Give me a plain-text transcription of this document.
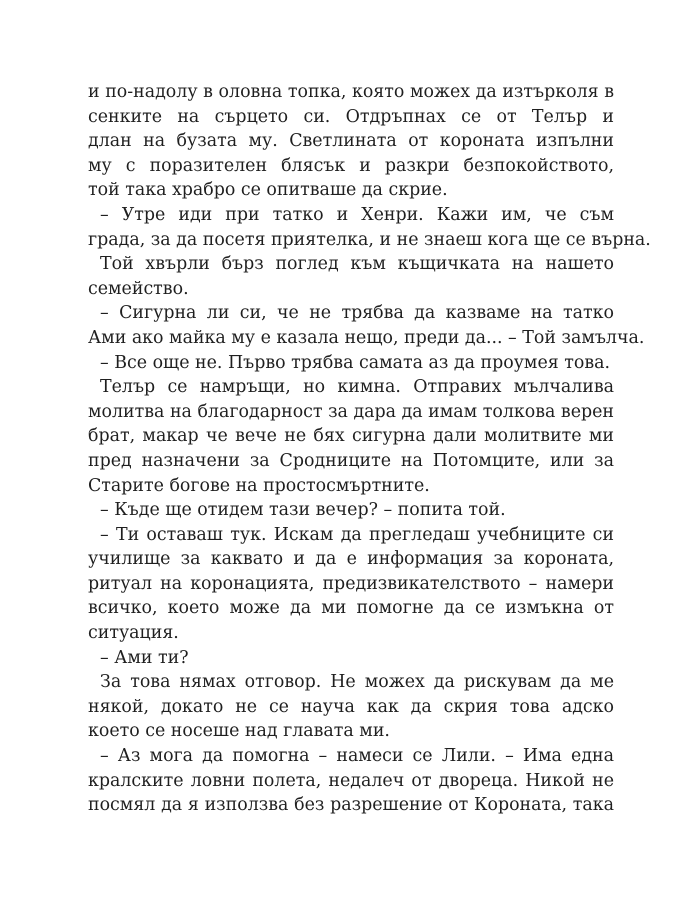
и по-надолу в оловна топка, която можех да изтърколя в
сенките на сърцето си. Отдръпнах се от Телър и
длан на бузата му. Светлината от короната изпълни
му с поразителен блясък и разкри безпокойството,
той така храбро се опитваше да скрие.
– Утре иди при татко и Хенри. Кажи им, че съм
града, за да посетя приятелка, и не знаеш кога ще се върна.
Той хвърли бърз поглед към къщичката на нашето
семейство.
– Сигурна ли си, че не трябва да казваме на татко
Ами ако майка му е казала нещо, преди да... – Той замълча.
– Все още не. Първо трябва самата аз да проумея това.
Телър се намръщи, но кимна. Отправих мълчалива
молитва на благодарност за дара да имам толкова верен
брат, макар че вече не бях сигурна дали молитвите ми
пред назначени за Сродниците на Потомците, или за
Старите богове на простосмъртните.
– Къде ще отидем тази вечер? – попита той.
– Ти оставаш тук. Искам да прегледаш учебниците си
училище за каквато и да е информация за короната,
ритуал на коронацията, предизвикателството – намери
всичко, което може да ми помогне да се измъкна от
ситуация.
– Ами ти?
За това нямах отговор. Не можех да рискувам да ме
някой, докато не се науча как да скрия това адско
което се носеше над главата ми.
– Аз мога да помогна – намеси се Лили. – Има една
кралските ловни полета, недалеч от двореца. Никой не
посмял да я използва без разрешение от Короната, така
